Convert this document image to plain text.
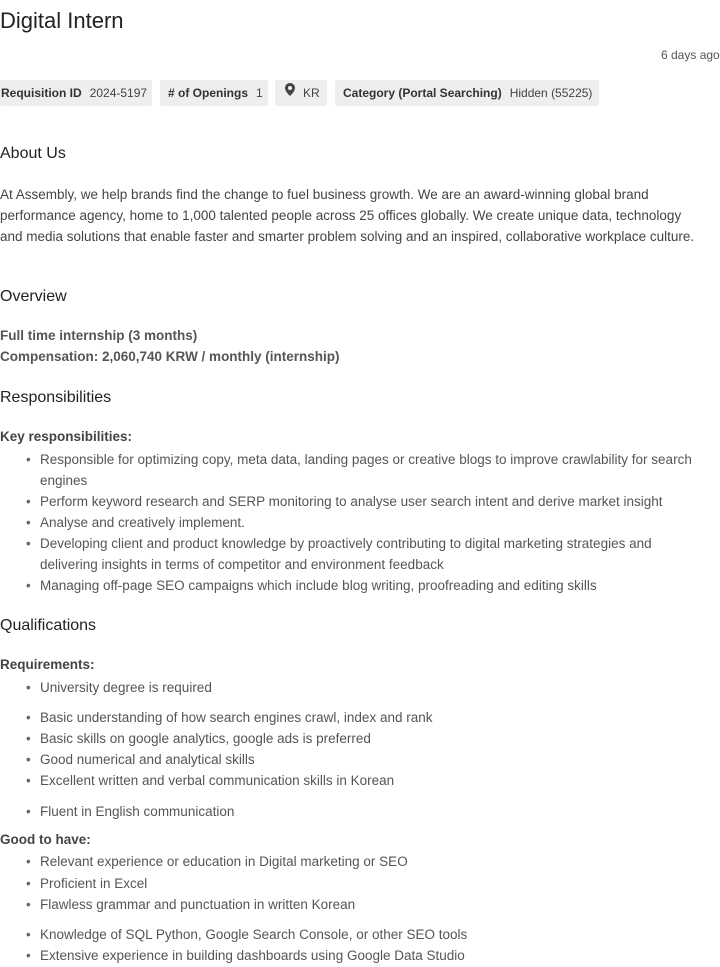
Digital Intern
6 days ago
Requisition ID 2024-5197	# of Openings 1	KR	Category (Portal Searching) Hidden (55225)
About Us

At Assembly, we help brands find the change to fuel business growth. We are an award-winning global brand performance agency, home to 1,000 talented people across 25 offices globally. We create unique data, technology and media solutions that enable faster and smarter problem solving and an inspired, collaborative workplace culture.

Overview

Full time internship (3 months)

Compensation: 2,060,740 KRW / monthly (internship)

Responsibilities

Key responsibilities:

• Responsible for optimizing copy, meta data, landing pages or creative blogs to improve crawlability for search engines

• Perform keyword research and SERP monitoring to analyse user search intent and derive market insight

• Analyse and creatively implement.

• Developing client and product knowledge by proactively contributing to digital marketing strategies and delivering insights in terms of competitor and environment feedback

• Managing off-page SEO campaigns which include blog writing, proofreading and editing skills

Qualifications

Requirements:

• University degree is required

• Basic understanding of how search engines crawl, index and rank

• Basic skills on google analytics, google ads is preferred

• Good numerical and analytical skills

• Excellent written and verbal communication skills in Korean

• Fluent in English communication

Good to have:

• Relevant experience or education in Digital marketing or SEO

• Proficient in Excel

• Flawless grammar and punctuation in written Korean

• Knowledge of SQL Python, Google Search Console, or other SEO tools

• Extensive experience in building dashboards using Google Data Studio
